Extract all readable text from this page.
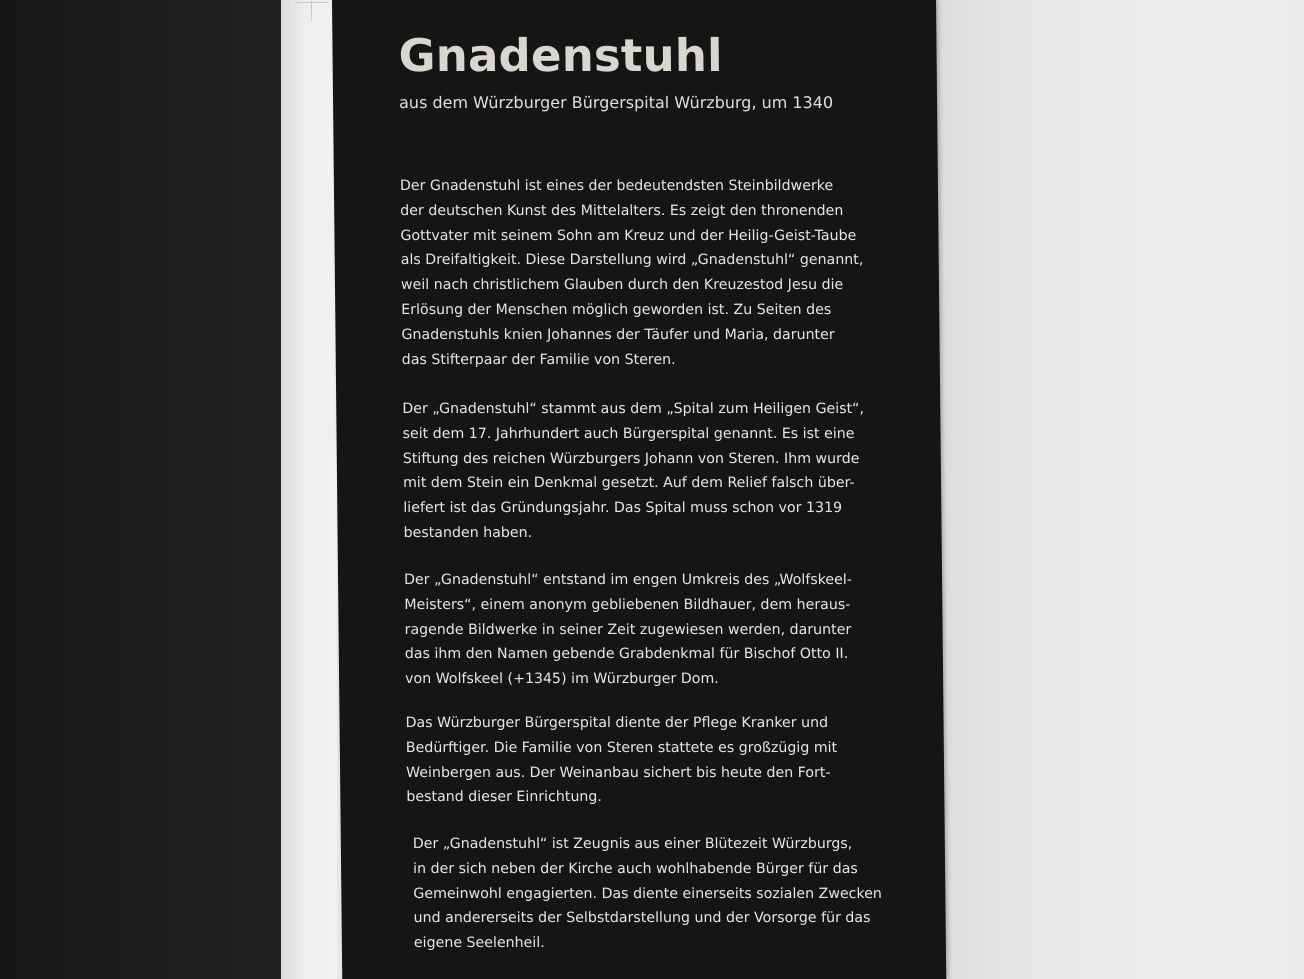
Gnadenstuhl

aus dem Würzburger Bürgerspital Würzburg, um 1340

Der Gnadenstuhl ist eines der bedeutendsten Steinbildwerke
der deutschen Kunst des Mittelalters. Es zeigt den thronenden
Gottvater mit seinem Sohn am Kreuz und der Heilig-Geist-Taube
als Dreifaltigkeit. Diese Darstellung wird „Gnadenstuhl“ genannt,
weil nach christlichem Glauben durch den Kreuzestod Jesu die
Erlösung der Menschen möglich geworden ist. Zu Seiten des
Gnadenstuhls knien Johannes der Täufer und Maria, darunter
das Stifterpaar der Familie von Steren.
Der „Gnadenstuhl“ stammt aus dem „Spital zum Heiligen Geist“,
seit dem 17. Jahrhundert auch Bürgerspital genannt. Es ist eine
Stiftung des reichen Würzburgers Johann von Steren. Ihm wurde
mit dem Stein ein Denkmal gesetzt. Auf dem Relief falsch über-
liefert ist das Gründungsjahr. Das Spital muss schon vor 1319
bestanden haben.
Der „Gnadenstuhl“ entstand im engen Umkreis des „Wolfskeel-
Meisters“, einem anonym gebliebenen Bildhauer, dem heraus-
ragende Bildwerke in seiner Zeit zugewiesen werden, darunter
das ihm den Namen gebende Grabdenkmal für Bischof Otto II.
von Wolfskeel (+1345) im Würzburger Dom.
Das Würzburger Bürgerspital diente der Pflege Kranker und
Bedürftiger. Die Familie von Steren stattete es großzügig mit
Weinbergen aus. Der Weinanbau sichert bis heute den Fort-
bestand dieser Einrichtung.
Der „Gnadenstuhl“ ist Zeugnis aus einer Blütezeit Würzburgs,
in der sich neben der Kirche auch wohlhabende Bürger für das
Gemeinwohl engagierten. Das diente einerseits sozialen Zwecken
und andererseits der Selbstdarstellung und der Vorsorge für das
eigene Seelenheil.
